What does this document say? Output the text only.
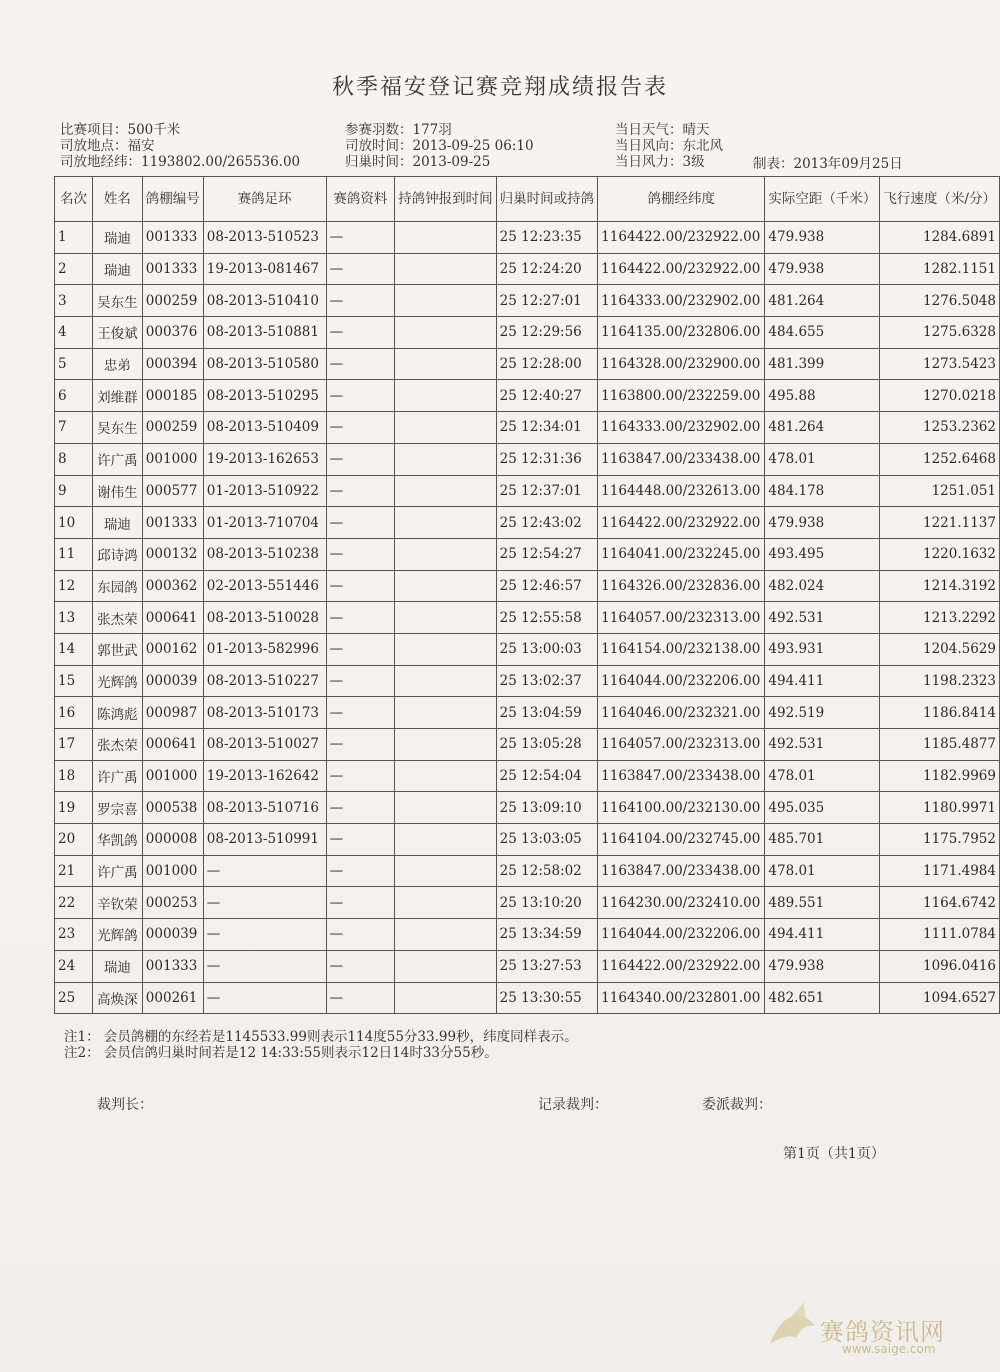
秋季福安登记赛竞翔成绩报告表
比赛项目：500千米
司放地点：福安
司放地经纬：1193802.00/265536.00
参赛羽数：177羽
司放时间：2013-09-25 06:10
归巢时间：2013-09-25
当日天气：晴天
当日风向：东北风
当日风力：3级	制表：2013年09月25日
名次	姓名	鸽棚编号	赛鸽足环	赛鸽资料	持鸽钟报到时间	归巢时间或持鸽	鸽棚经纬度	实际空距（千米）	飞行速度（米/分）
1	瑞迪	001333	08-2013-510523	—		25 12:23:35	1164422.00/232922.00	479.938	1284.6891
2	瑞迪	001333	19-2013-081467	—		25 12:24:20	1164422.00/232922.00	479.938	1282.1151
3	吴东生	000259	08-2013-510410	—		25 12:27:01	1164333.00/232902.00	481.264	1276.5048
4	王俊斌	000376	08-2013-510881	—		25 12:29:56	1164135.00/232806.00	484.655	1275.6328
5	忠弟	000394	08-2013-510580	—		25 12:28:00	1164328.00/232900.00	481.399	1273.5423
6	刘维群	000185	08-2013-510295	—		25 12:40:27	1163800.00/232259.00	495.88	1270.0218
7	吴东生	000259	08-2013-510409	—		25 12:34:01	1164333.00/232902.00	481.264	1253.2362
8	许广禹	001000	19-2013-162653	—		25 12:31:36	1163847.00/233438.00	478.01	1252.6468
9	谢伟生	000577	01-2013-510922	—		25 12:37:01	1164448.00/232613.00	484.178	1251.051
10	瑞迪	001333	01-2013-710704	—		25 12:43:02	1164422.00/232922.00	479.938	1221.1137
11	邱诗鸿	000132	08-2013-510238	—		25 12:54:27	1164041.00/232245.00	493.495	1220.1632
12	东园鸽	000362	02-2013-551446	—		25 12:46:57	1164326.00/232836.00	482.024	1214.3192
13	张杰荣	000641	08-2013-510028	—		25 12:55:58	1164057.00/232313.00	492.531	1213.2292
14	郭世武	000162	01-2013-582996	—		25 13:00:03	1164154.00/232138.00	493.931	1204.5629
15	光辉鸽	000039	08-2013-510227	—		25 13:02:37	1164044.00/232206.00	494.411	1198.2323
16	陈鸿彪	000987	08-2013-510173	—		25 13:04:59	1164046.00/232321.00	492.519	1186.8414
17	张杰荣	000641	08-2013-510027	—		25 13:05:28	1164057.00/232313.00	492.531	1185.4877
18	许广禹	001000	19-2013-162642	—		25 12:54:04	1163847.00/233438.00	478.01	1182.9969
19	罗宗喜	000538	08-2013-510716	—		25 13:09:10	1164100.00/232130.00	495.035	1180.9971
20	华凯鸽	000008	08-2013-510991	—		25 13:03:05	1164104.00/232745.00	485.701	1175.7952
21	许广禹	001000	—	—		25 12:58:02	1163847.00/233438.00	478.01	1171.4984
22	辛钦荣	000253	—	—		25 13:10:20	1164230.00/232410.00	489.551	1164.6742
23	光辉鸽	000039	—	—		25 13:34:59	1164044.00/232206.00	494.411	1111.0784
24	瑞迪	001333	—	—		25 13:27:53	1164422.00/232922.00	479.938	1096.0416
25	高焕深	000261	—	—		25 13:30:55	1164340.00/232801.00	482.651	1094.6527
注1： 会员鸽棚的东经若是1145533.99则表示114度55分33.99秒，纬度同样表示。
注2： 会员信鸽归巢时间若是12 14:33:55则表示12日14时33分55秒。
裁判长：	记录裁判：	委派裁判：
第1页（共1页）
赛鸽资讯网
www.saige.com
